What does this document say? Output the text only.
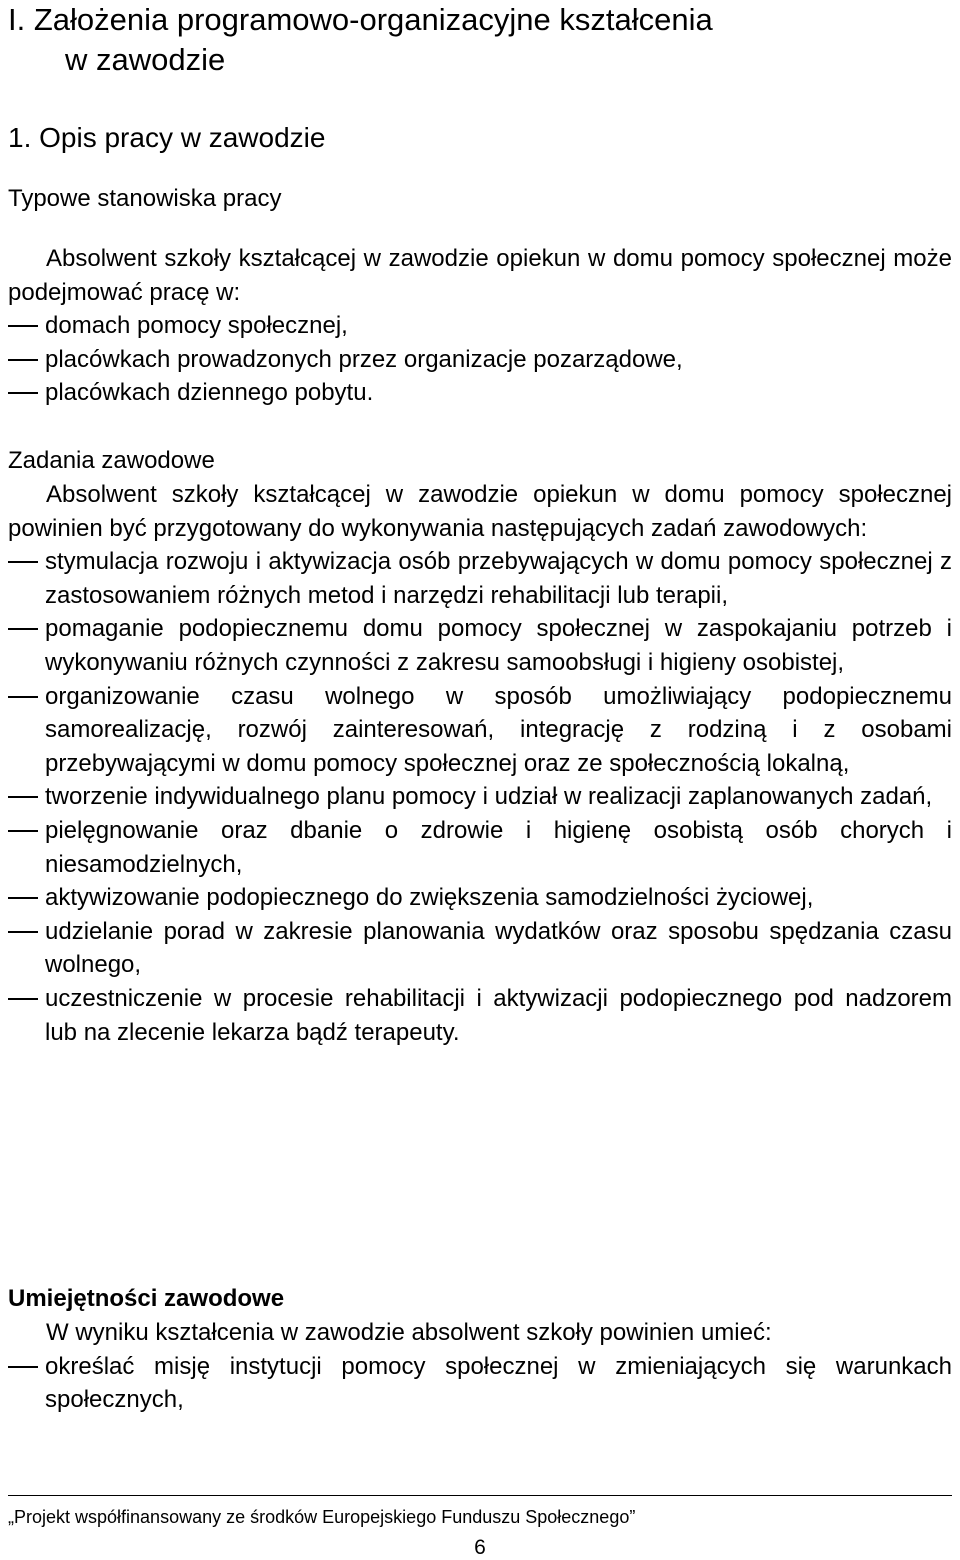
I. Założenia programowo-organizacyjne kształcenia
w zawodzie
1. Opis pracy w zawodzie
Typowe stanowiska pracy

Absolwent szkoły kształcącej w zawodzie opiekun w domu pomocy społecznej może podejmować pracę w:

domach pomocy społecznej,
placówkach prowadzonych przez organizacje pozarządowe,
placówkach dziennego pobytu.
Zadania zawodowe

Absolwent szkoły kształcącej w zawodzie opiekun w domu pomocy społecznej powinien być przygotowany do wykonywania następujących zadań zawodowych:

stymulacja rozwoju i aktywizacja osób przebywających w domu pomocy społecznej z zastosowaniem różnych metod i narzędzi rehabilitacji lub terapii,
pomaganie podopiecznemu domu pomocy społecznej w zaspokajaniu potrzeb i wykonywaniu różnych czynności z zakresu samoobsługi i higieny osobistej,
organizowanie czasu wolnego w sposób umożliwiający podopiecznemu samorealizację, rozwój zainteresowań, integrację z rodziną i z osobami przebywającymi w domu pomocy społecznej oraz ze społecznością lokalną,
tworzenie indywidualnego planu pomocy i udział w realizacji zaplanowanych zadań,
pielęgnowanie oraz dbanie o zdrowie i higienę osobistą osób chorych i niesamodzielnych,
aktywizowanie podopiecznego do zwiększenia samodzielności życiowej,
udzielanie porad w zakresie planowania wydatków oraz sposobu spędzania czasu wolnego,
uczestniczenie w procesie rehabilitacji i aktywizacji podopiecznego pod nadzorem lub na zlecenie lekarza bądź terapeuty.
Umiejętności zawodowe

W wyniku kształcenia w zawodzie absolwent szkoły powinien umieć:

określać misję instytucji pomocy społecznej w zmieniających się warunkach społecznych,
„Projekt współfinansowany ze środków Europejskiego Funduszu Społecznego”
6
